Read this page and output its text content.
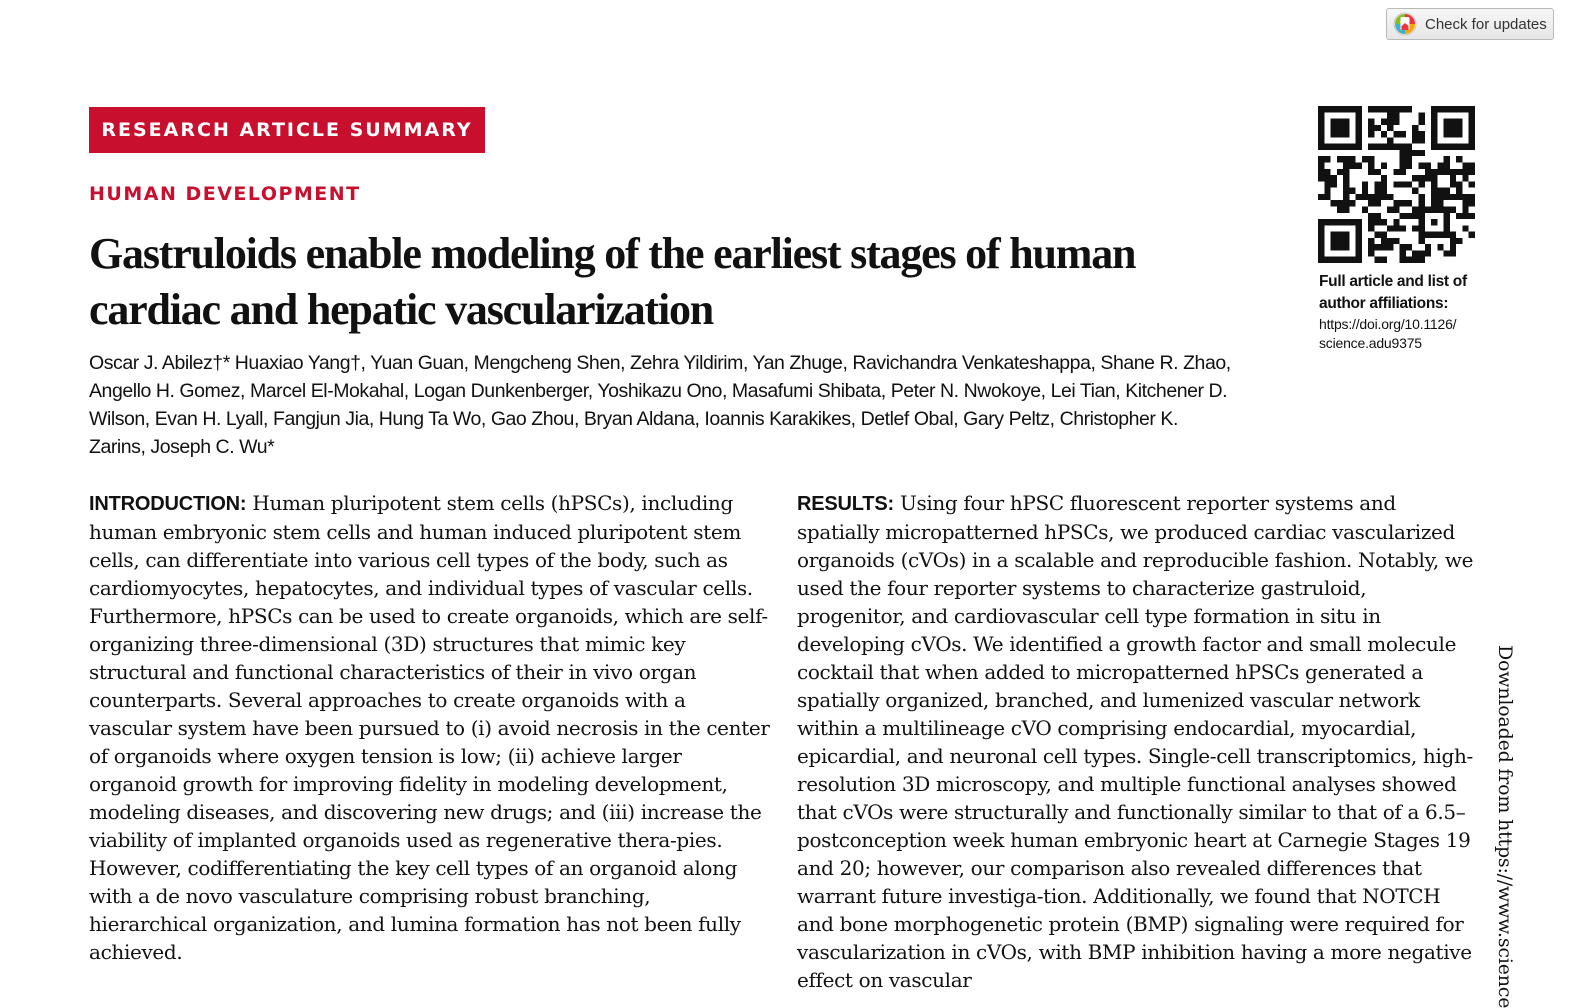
Check for updates
RESEARCH ARTICLE SUMMARY
HUMAN DEVELOPMENT
Gastruloids enable modeling of the earliest stages of human
cardiac and hepatic vascularization
Oscar J. Abilez†* Huaxiao Yang†, Yuan Guan, Mengcheng Shen, Zehra Yildirim, Yan Zhuge, Ravichandra Venkateshappa, Shane R. Zhao, Angello H. Gomez, Marcel El-Mokahal, Logan Dunkenberger, Yoshikazu Ono, Masafumi Shibata, Peter N. Nwokoye, Lei Tian, Kitchener D. Wilson, Evan H. Lyall, Fangjun Jia, Hung Ta Wo, Gao Zhou, Bryan Aldana, Ioannis Karakikes, Detlef Obal, Gary Peltz, Christopher K. Zarins, Joseph C. Wu*
Full article and list of author affiliations:
https://doi.org/10.1126/
science.adu9375
INTRODUCTION: Human pluripotent stem cells (hPSCs), including human embryonic stem cells and human induced pluripotent stem cells, can differentiate into various cell types of the body, such as cardiomyocytes, hepatocytes, and individual types of vascular cells. Furthermore, hPSCs can be used to create organoids, which are self-organizing three-dimensional (3D) structures that mimic key structural and functional characteristics of their in vivo organ counterparts. Several approaches to create organoids with a vascular system have been pursued to (i) avoid necrosis in the center of organoids where oxygen tension is low; (ii) achieve larger organoid growth for improving fidelity in modeling development, modeling diseases, and discovering new drugs; and (iii) increase the viability of implanted organoids used as regenerative thera-pies. However, codifferentiating the key cell types of an organoid along with a de novo vasculature comprising robust branching, hierarchical organization, and lumina formation has not been fully achieved.
RESULTS: Using four hPSC fluorescent reporter systems and spatially micropatterned hPSCs, we produced cardiac vascularized organoids (cVOs) in a scalable and reproducible fashion. Notably, we used the four reporter systems to characterize gastruloid, progenitor, and cardiovascular cell type formation in situ in developing cVOs. We identified a growth factor and small molecule cocktail that when added to micropatterned hPSCs generated a spatially organized, branched, and lumenized vascular network within a multilineage cVO comprising endocardial, myocardial, epicardial, and neuronal cell types. Single-cell transcriptomics, high-resolution 3D microscopy, and multiple functional analyses showed that cVOs were structurally and functionally similar to that of a 6.5–postconception week human embryonic heart at Carnegie Stages 19 and 20; however, our comparison also revealed differences that warrant future investiga-tion. Additionally, we found that NOTCH and bone morphogenetic protein (BMP) signaling were required for vascularization in cVOs, with BMP inhibition having a more negative effect on vascular	Downloaded from https://www.science
